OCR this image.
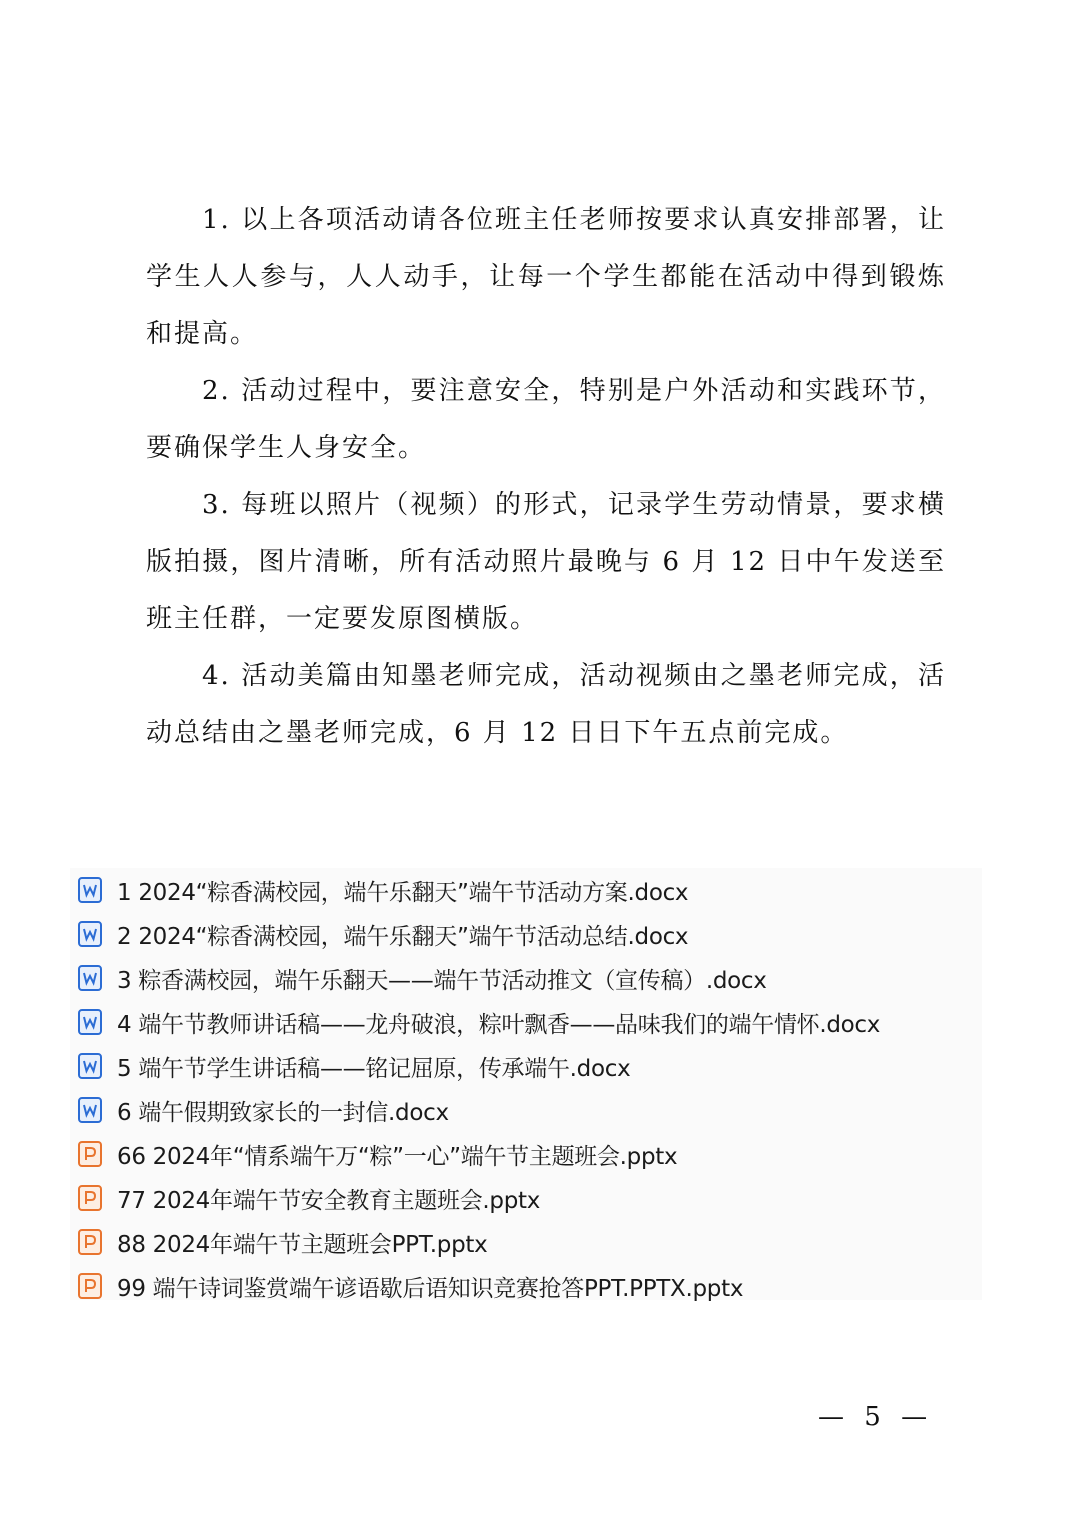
1. 以上各项活动请各位班主任老师按要求认真安排部署，让学生人人参与，人人动手，让每一个学生都能在活动中得到锻炼和提高。

2. 活动过程中，要注意安全，特别是户外活动和实践环节，要确保学生人身安全。

3. 每班以照片（视频）的形式，记录学生劳动情景，要求横版拍摄，图片清晰，所有活动照片最晚与 6 月 12 日中午发送至班主任群，一定要发原图横版。

4. 活动美篇由知墨老师完成，活动视频由之墨老师完成，活动总结由之墨老师完成，6 月 12 日日下午五点前完成。

1 2024“粽香满校园，端午乐翻天”端午节活动方案.docx
2 2024“粽香满校园，端午乐翻天”端午节活动总结.docx
3 粽香满校园，端午乐翻天——端午节活动推文（宣传稿）.docx
4 端午节教师讲话稿——龙舟破浪，粽叶飘香——品味我们的端午情怀.docx
5 端午节学生讲话稿——铭记屈原，传承端午.docx
6 端午假期致家长的一封信.docx
66 2024年“情系端午万“粽”一心”端午节主题班会.pptx
77 2024年端午节安全教育主题班会.pptx
88 2024年端午节主题班会PPT.pptx
99 端午诗词鉴赏端午谚语歇后语知识竞赛抢答PPT.PPTX.pptx
— 5 —
